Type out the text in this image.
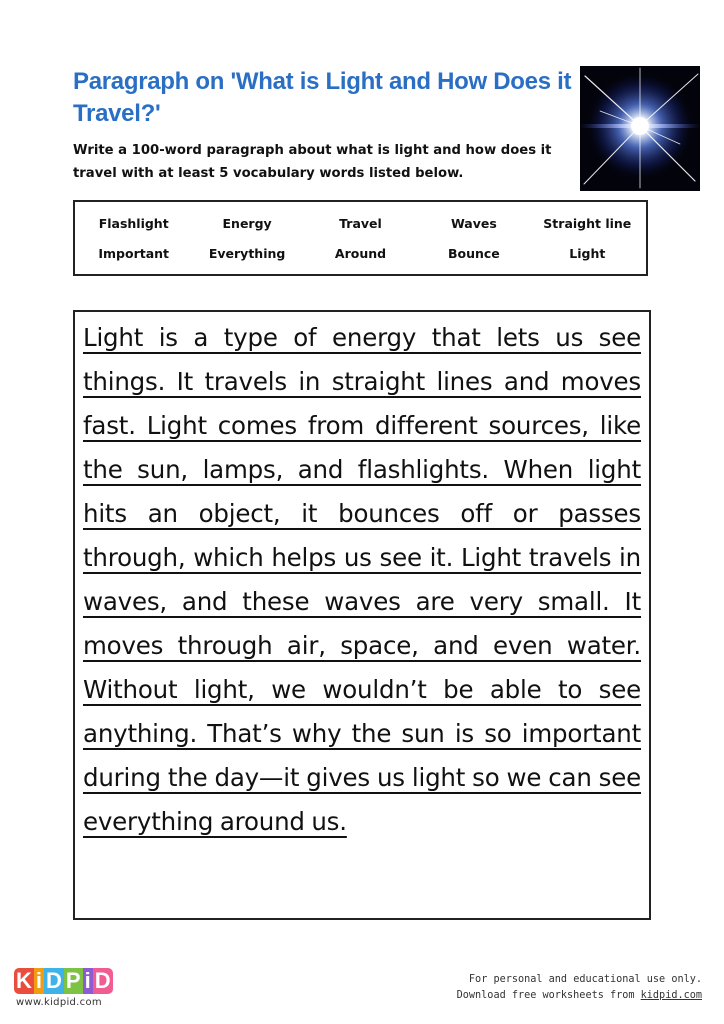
Paragraph on 'What is Light and How Does it Travel?'

Write a 100-word paragraph about what is light and how does it travel with at least 5 vocabulary words listed below.

Flashlight	Energy	Travel	Waves	Straight line
Important	Everything	Around	Bounce	Light

Light is a type of energy that lets us see things. It travels in straight lines and moves fast. Light comes from different sources, like the sun, lamps, and flashlights. When light hits an object, it bounces off or passes through, which helps us see it. Light travels in waves, and these waves are very small. It moves through air, space, and even water. Without light, we wouldn’t be able to see anything. That’s why the sun is so important during the day—it gives us light so we can see everything around us.

K i D P i D
www.kidpid.com
For personal and educational use only.
Download free worksheets from kidpid.com
